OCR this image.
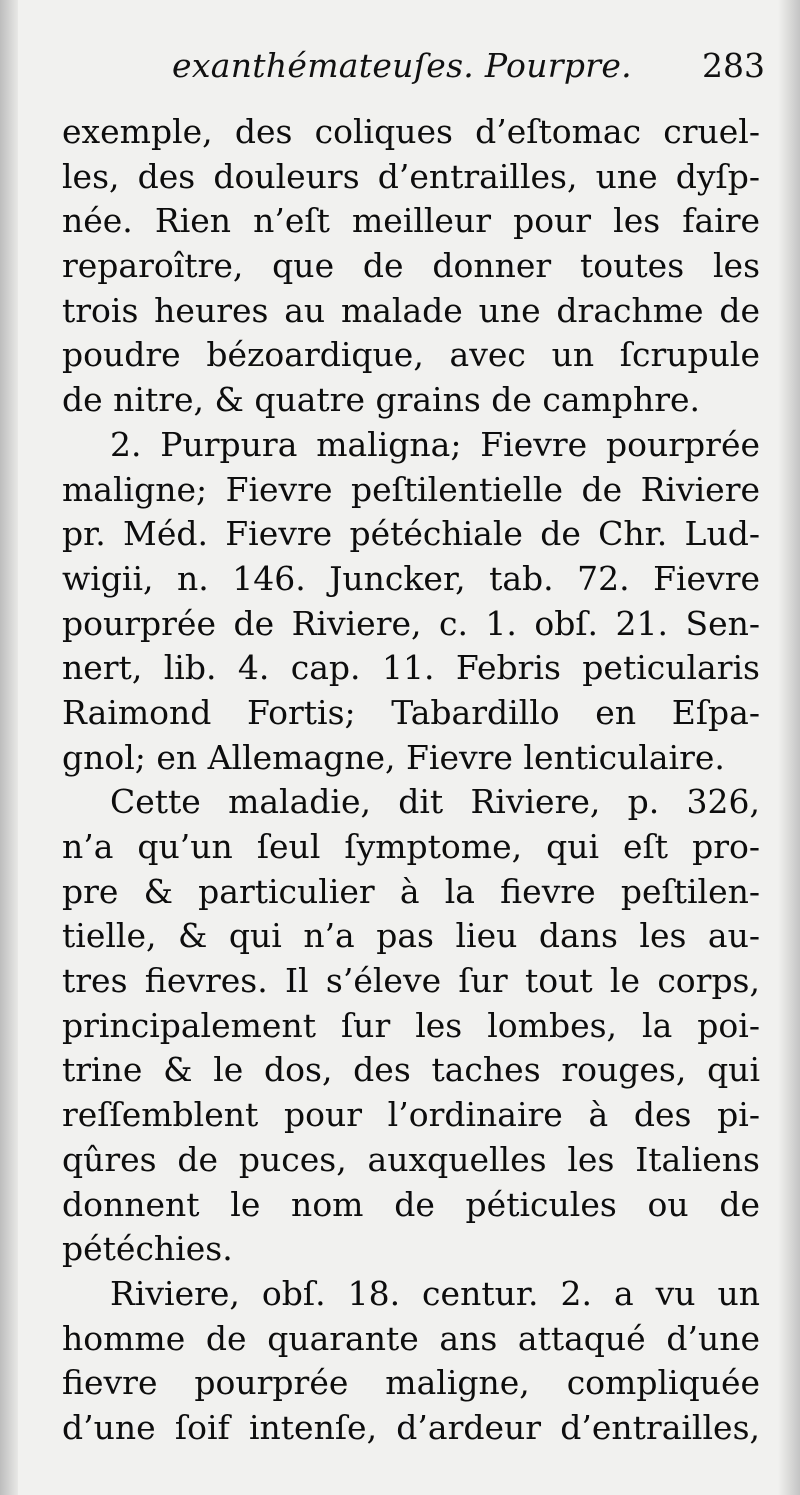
exanthémateuſes. Pourpre. 283
exemple, des coliques d’eſtomac cruel-
les, des douleurs d’entrailles, une dyſp-
née. Rien n’eſt meilleur pour les faire
reparoître, que de donner toutes les
trois heures au malade une drachme de
poudre bézoardique, avec un ſcrupule
de nitre, & quatre grains de camphre.
2. Purpura maligna; Fievre pourprée
maligne; Fievre peſtilentielle de Riviere
pr. Méd. Fievre pétéchiale de Chr. Lud-
wigii, n. 146. Juncker, tab. 72. Fievre
pourprée de Riviere, c. 1. obſ. 21. Sen-
nert, lib. 4. cap. 11. Febris peticularis
Raimond Fortis; Tabardillo en Eſpa-
gnol; en Allemagne, Fievre lenticulaire.
Cette maladie, dit Riviere, p. 326,
n’a qu’un ſeul ſymptome, qui eſt pro-
pre & particulier à la fievre peſtilen-
tielle, & qui n’a pas lieu dans les au-
tres fievres. Il s’éleve ſur tout le corps,
principalement ſur les lombes, la poi-
trine & le dos, des taches rouges, qui
reſſemblent pour l’ordinaire à des pi-
qûres de puces, auxquelles les Italiens
donnent le nom de péticules ou de
pétéchies.
Riviere, obſ. 18. centur. 2. a vu un
homme de quarante ans attaqué d’une
fievre pourprée maligne, compliquée
d’une ſoif intenſe, d’ardeur d’entrailles,
